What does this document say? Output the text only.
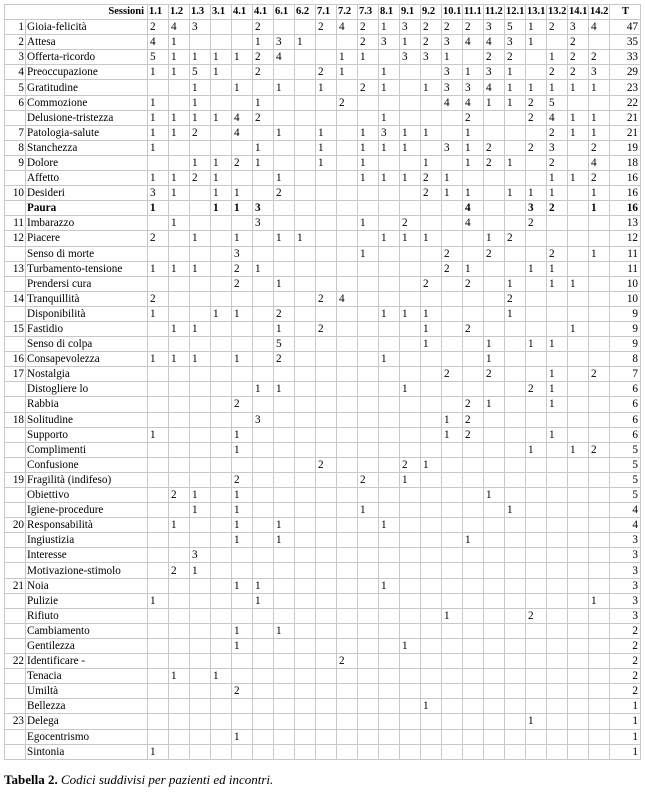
Sessioni		1.1	1.2	1.3	3.1	4.1	4.1	6.1	6.2	7.1	7.2	7.3	8.1	9.1	9.2	10.1	11.1	11.2	12.1	13.1	13.2	14.1	14.2	T
1	Gioia-felicità	2	4	3			2			2	4	2	1	3	2	2	2	3	5	1	2	3	4	47
2	Attesa	4	1				1	3	1			2	3	1	2	3	4	4	3	1		2		35
3	Offerta-ricordo	5	1	1	1	1	2	4			1	1		3	3	1		2	2		1	2	2	33
4	Preoccupazione	1	1	5	1		2			2	1		1			3	1	3	1		2	2	3	29
5	Gratitudine			1		1		1		1		2	1		1	3	3	4	1	1	1	1	1	23
6	Commozione	1		1			1				2					4	4	1	1	2	5			22
	Delusione-tristezza	1	1	1	1	4	2						1				2			2	4	1	1	21
7	Patologia-salute	1	1	2		4		1		1		1	3	1	1		1				2	1	1	21
8	Stanchezza	1					1			1		1	1	1		3	1	2		2	3		2	19
9	Dolore			1	1	2	1			1		1			1		1	2	1		2		4	18
	Affetto	1	1	2	1			1				1	1	1	2	1					1	1	2	16
10	Desideri	3	1		1	1		2							2	1	1		1	1	1		1	16
	Paura	1			1	1	3										4			3	2		1	16
11	Imbarazzo		1				3					1		2			4			2				13
12	Piacere	2		1		1		1	1				1	1	1			1	2					12
	Senso di morte					3						1				2		2			2		1	11
13	Turbamento-tensione	1	1	1		2	1									2	1			1	1			11
	Prendersi cura					2		1							2		2		1		1	1		10
14	Tranquillità	2								2	4								2					10
	Disponibilità	1			1	1		2					1	1	1				1					9
15	Fastidio		1	1				1		2					1		2					1		9
	Senso di colpa							5							1			1		1	1			9
16	Consapevolezza	1	1	1		1		2					1					1						8
17	Nostalgia															2		2			1		2	7
	Distogliere lo						1	1						1						2	1			6
	Rabbia					2											2	1			1			6
18	Solitudine						3									1	2							6
	Supporto	1				1										1	2				1			6
	Complimenti					1														1		1	2	5
	Confusione									2				2	1									5
19	Fragilità (indifeso)					2						2		1										5
	Obiettivo		2	1		1												1						5
	Igiene-procedure			1		1						1							1					4
20	Responsabilità		1			1		1					1											4
	Ingiustizia					1		1									1							3
	Interesse			3																				3
	Motivazione-stimolo		2	1																				3
21	Noia					1	1						1											3
	Pulizie	1					1																1	3
	Rifiuto															1				2				3
	Cambiamento					1		1																2
	Gentilezza					1								1										2
22	Identificare -										2													2
	Tenacia		1		1																			2
	Umiltà					2																		2
	Bellezza														1									1
23	Delega																			1				1
	Egocentrismo					1																		1
	Sintonia	1																						1
Tabella 2. Codici suddivisi per pazienti ed incontri.
